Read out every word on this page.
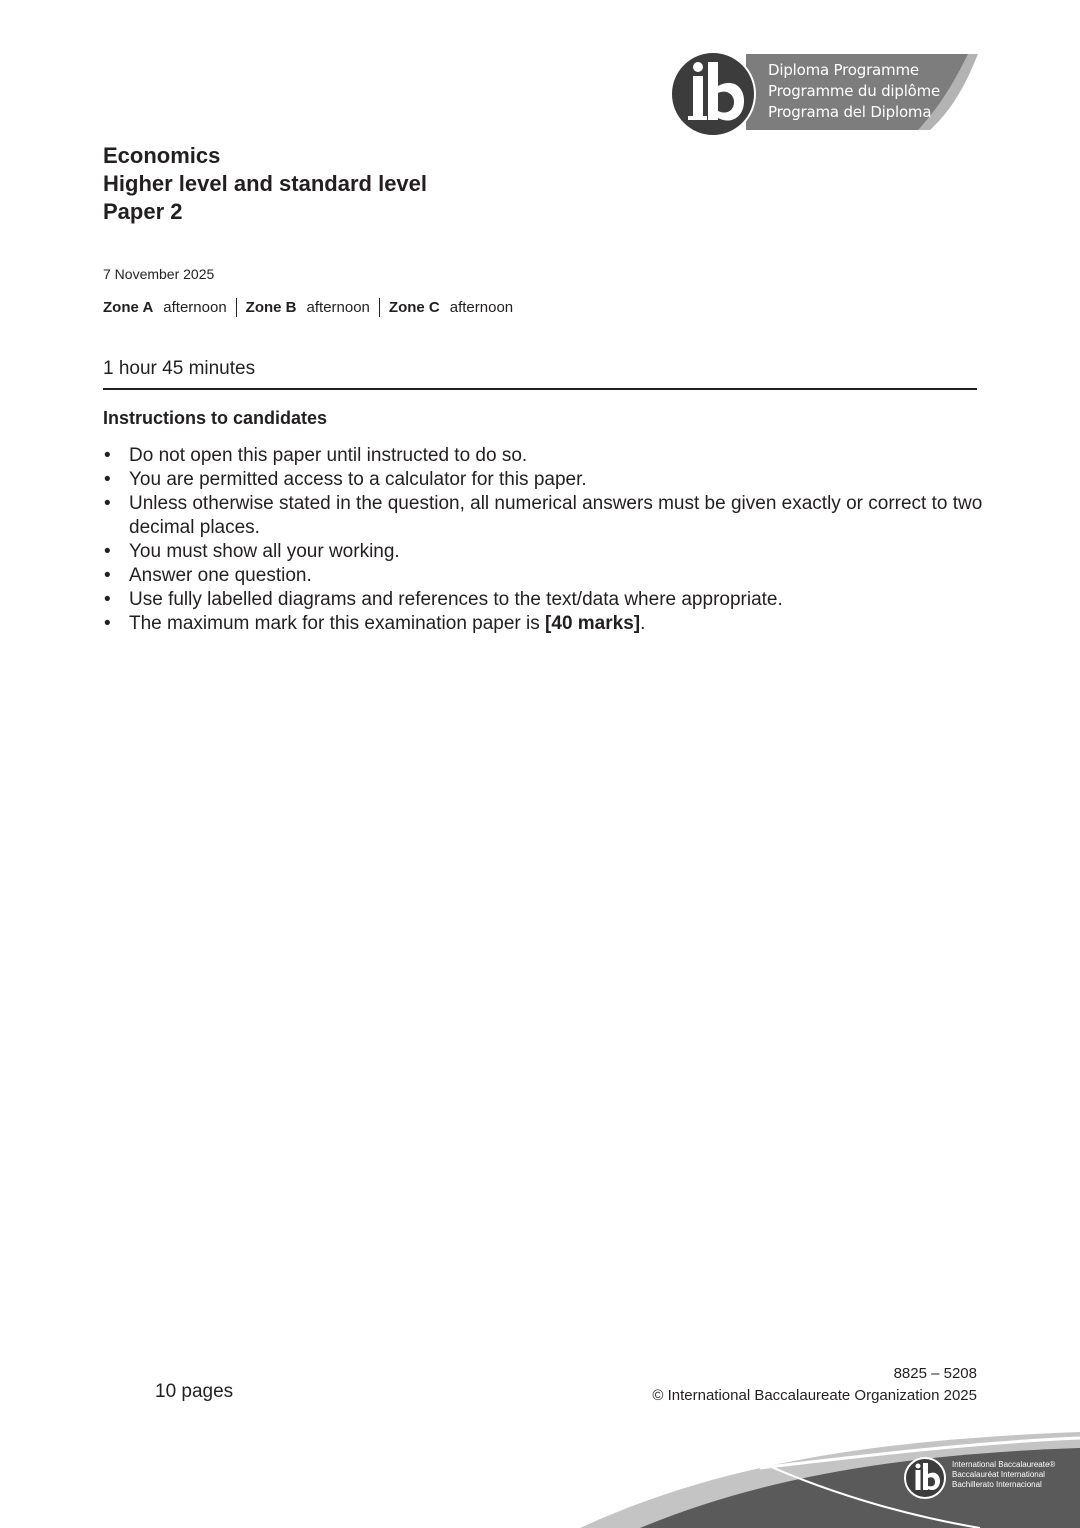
Diploma Programme
Programme du diplôme
Programa del Diploma
Economics
Higher level and standard level
Paper 2
7 November 2025
Zone A afternoon Zone B afternoon Zone C afternoon
1 hour 45 minutes
Instructions to candidates
• Do not open this paper until instructed to do so.
• You are permitted access to a calculator for this paper.
• Unless otherwise stated in the question, all numerical answers must be given exactly or correct to two decimal places.
• You must show all your working.
• Answer one question.
• Use fully labelled diagrams and references to the text/data where appropriate.
• The maximum mark for this examination paper is [40 marks].
10 pages
8825 – 5208
© International Baccalaureate Organization 2025
International Baccalaureate®
Baccalauréat International
Bachillerato Internacional
